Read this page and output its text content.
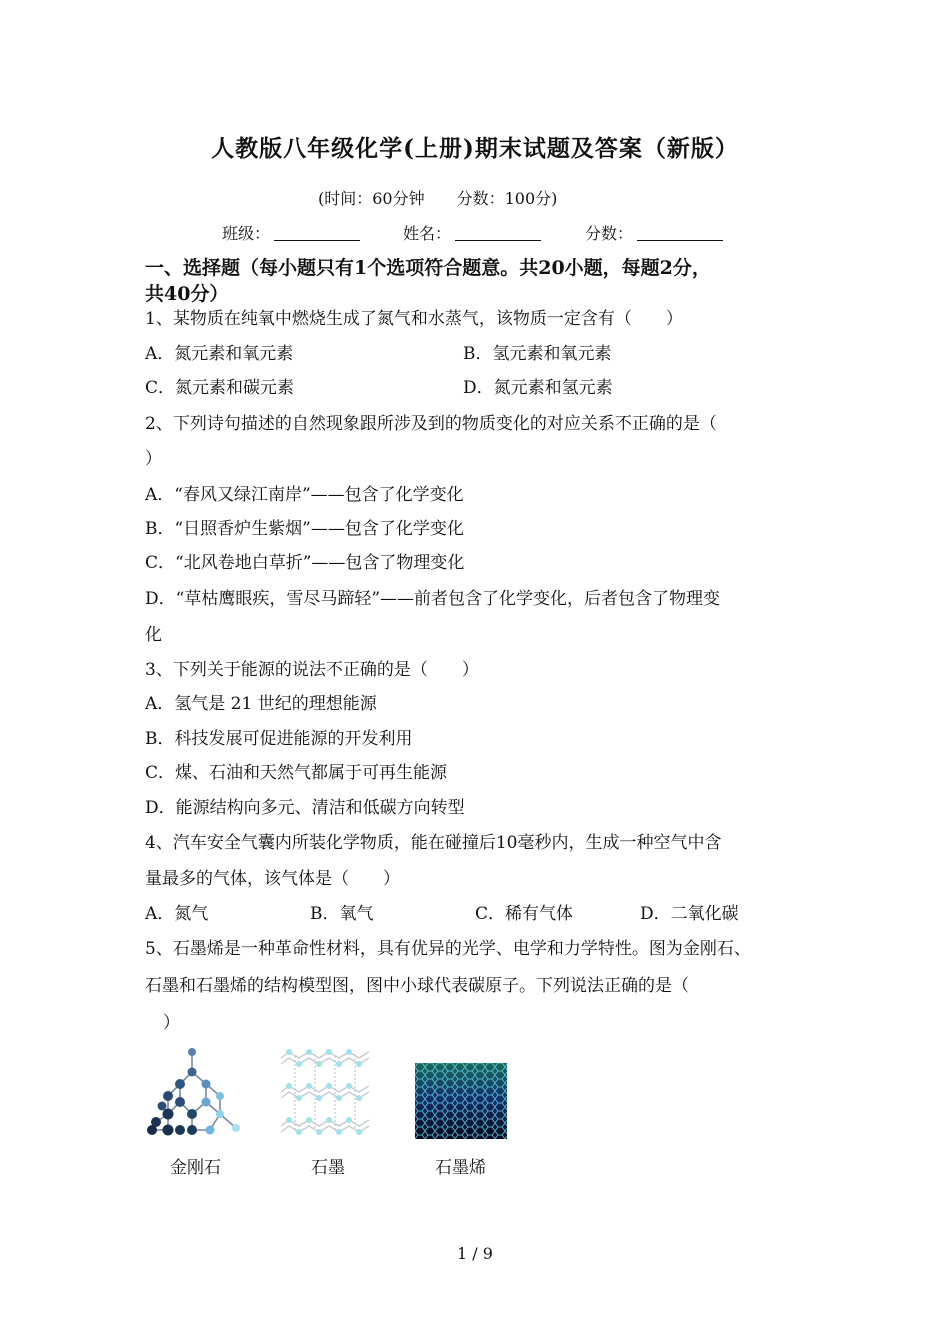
人教版八年级化学(上册)期末试题及答案（新版）
(时间：60分钟　　分数：100分)
班级：	姓名：	分数：
一、选择题（每小题只有1个选项符合题意。共20小题，每题2分，
共40分）
1、某物质在纯氧中燃烧生成了氮气和水蒸气，该物质一定含有（　　）
A．氮元素和氧元素	B．氢元素和氧元素
C．氮元素和碳元素	D．氮元素和氢元素
2、下列诗句描述的自然现象跟所涉及到的物质变化的对应关系不正确的是（
）
A．“春风又绿江南岸”——包含了化学变化
B．“日照香炉生紫烟”——包含了化学变化
C．“北风卷地白草折”——包含了物理变化
D．“草枯鹰眼疾，雪尽马蹄轻”——前者包含了化学变化，后者包含了物理变
化
3、下列关于能源的说法不正确的是（　　）
A．氢气是 21 世纪的理想能源
B．科技发展可促进能源的开发利用
C．煤、石油和天然气都属于可再生能源
D．能源结构向多元、清洁和低碳方向转型
4、汽车安全气囊内所装化学物质，能在碰撞后10毫秒内，生成一种空气中含
量最多的气体，该气体是（　　）
A．氮气	B．氧气	C．稀有气体	D．二氧化碳
5、石墨烯是一种革命性材料，具有优异的光学、电学和力学特性。图为金刚石、
石墨和石墨烯的结构模型图，图中小球代表碳原子。下列说法正确的是（
）
金刚石	石墨	石墨烯
1 / 9
